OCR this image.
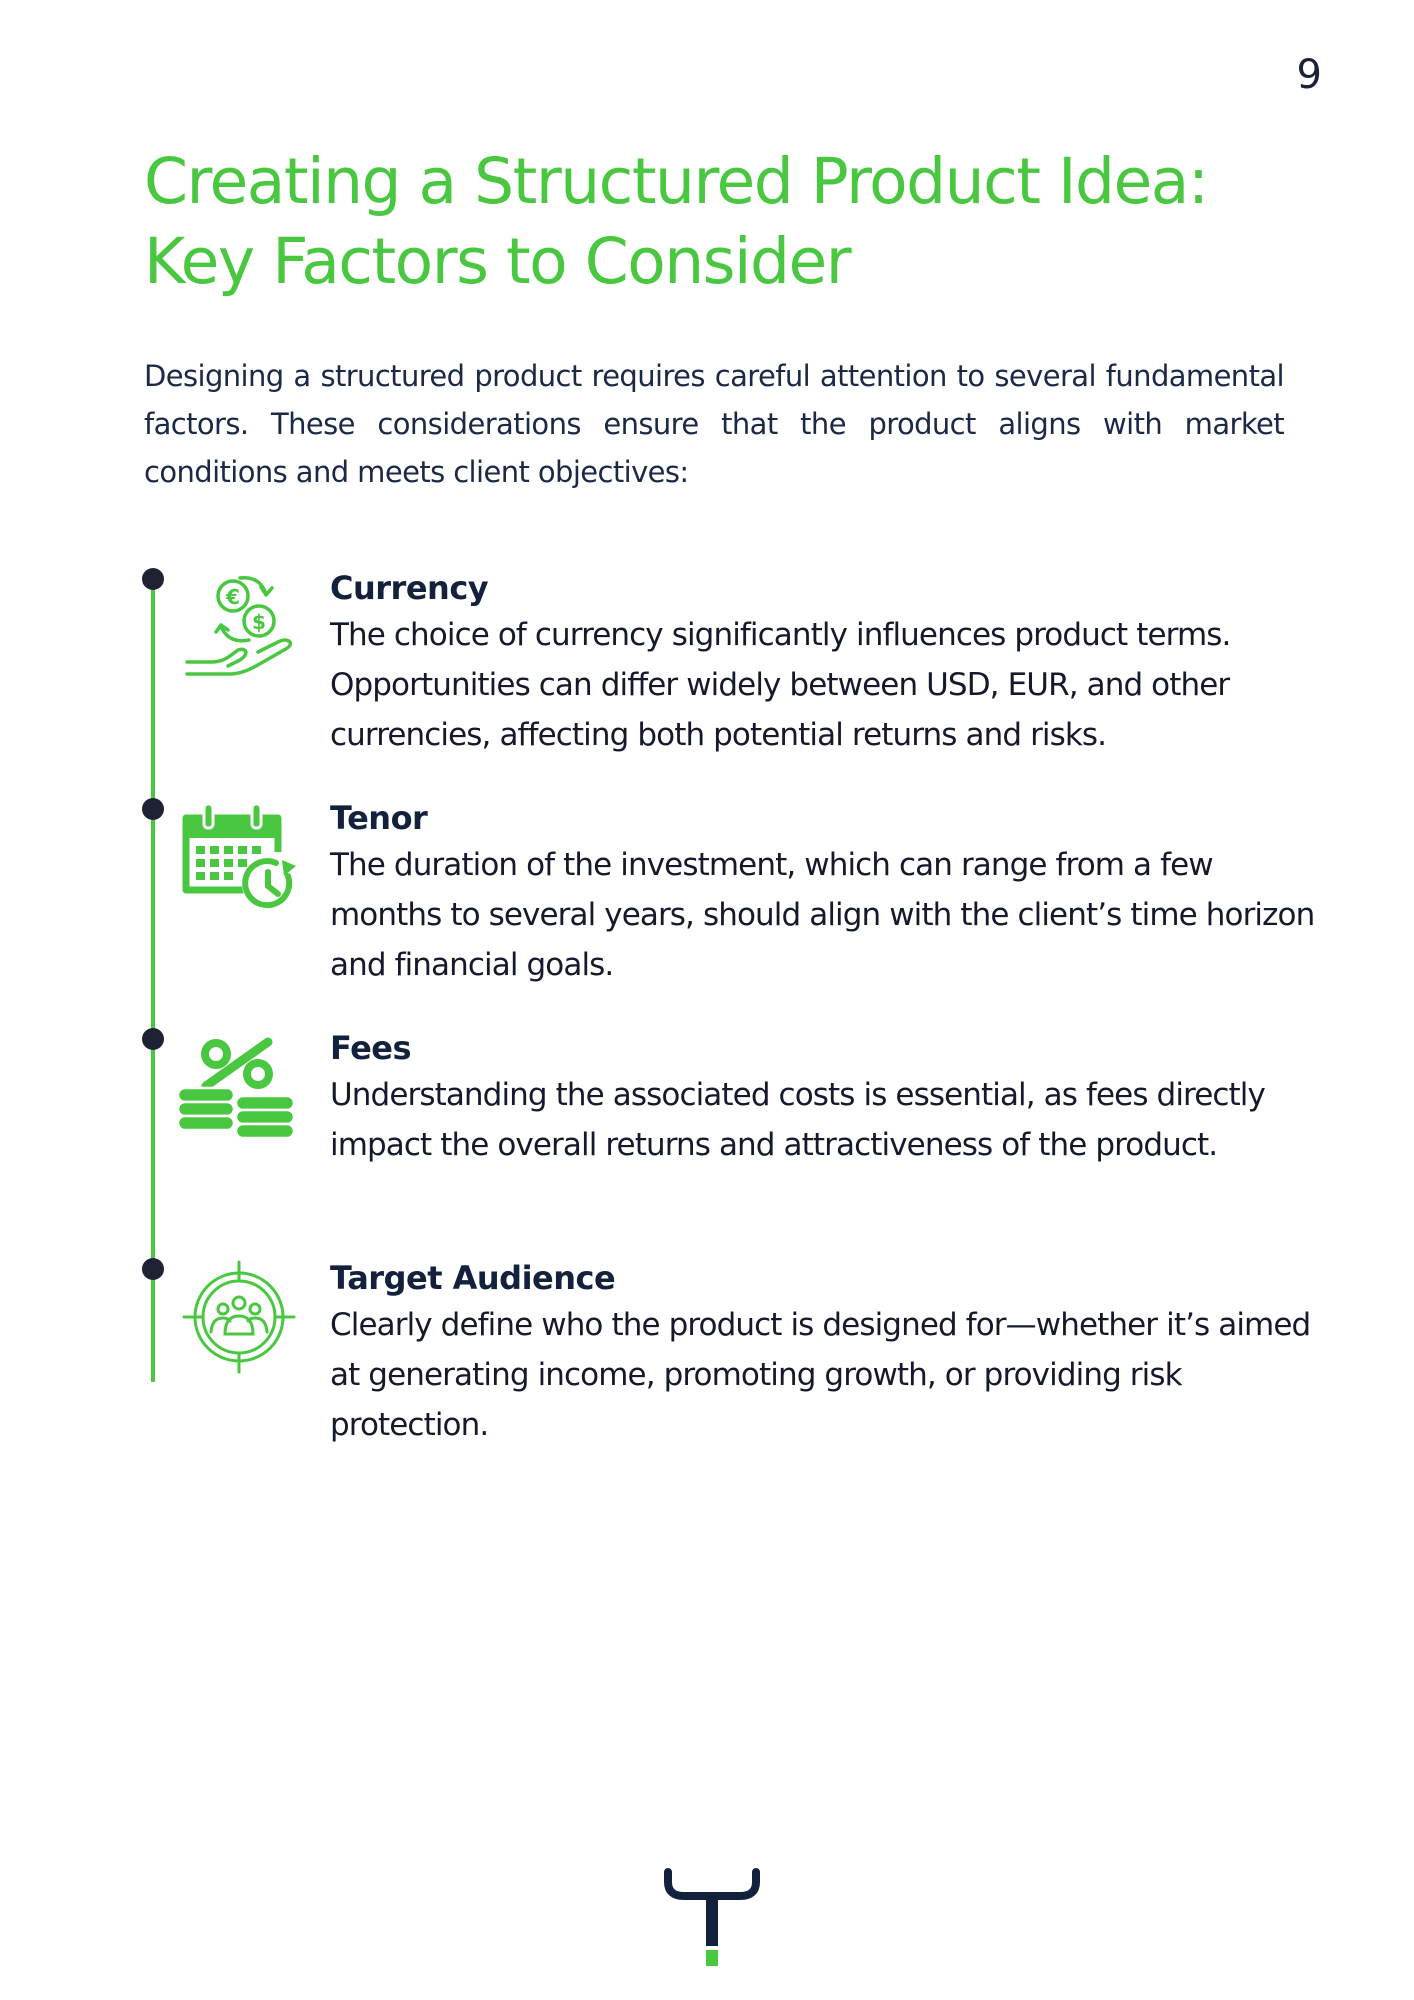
9
Creating a Structured Product Idea:
Key Factors to Consider

Designing a structured product requires careful attention to several fundamental factors. These considerations ensure that the product aligns with market conditions and meets client objectives:

€
$
Currency
The choice of currency significantly influences product terms. Opportunities can differ widely between USD, EUR, and other currencies, affecting both potential returns and risks.
Tenor
The duration of the investment, which can range from a few months to several years, should align with the client’s time horizon and financial goals.
Fees
Understanding the associated costs is essential, as fees directly impact the overall returns and attractiveness of the product.
Target Audience
Clearly define who the product is designed for—whether it’s aimed at generating income, promoting growth, or providing risk protection.
